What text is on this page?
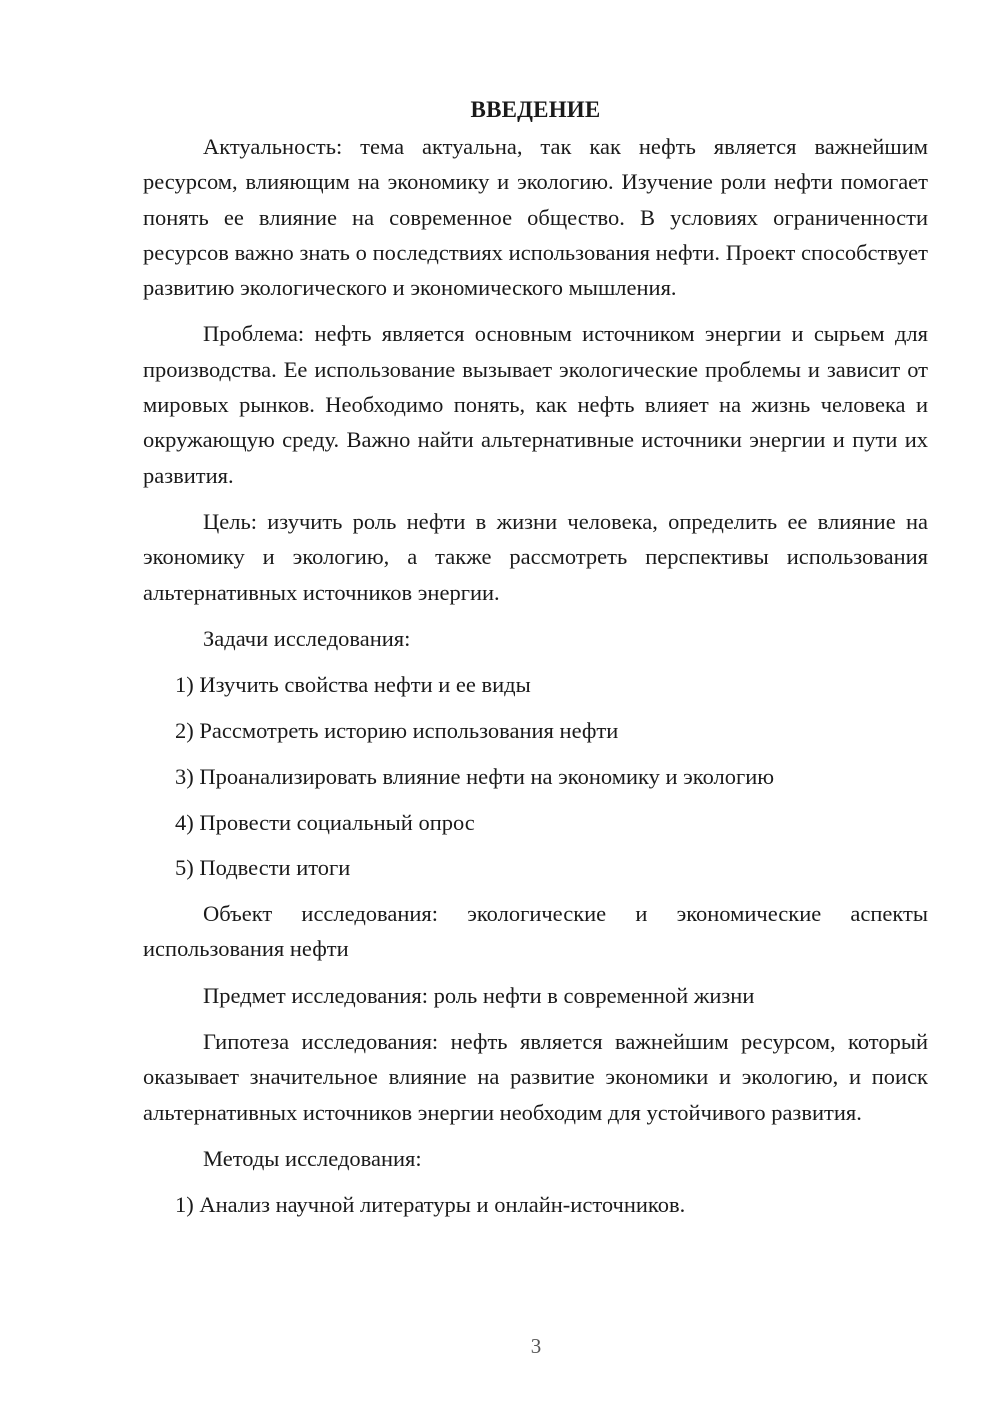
ВВЕДЕНИЕ

Актуальность: тема актуальна, так как нефть является важнейшим ресурсом, влияющим на экономику и экологию. Изучение роли нефти помогает понять ее влияние на современное общество. В условиях ограниченности ресурсов важно знать о последствиях использования нефти. Проект способствует развитию экологического и экономического мышления.

Проблема: нефть является основным источником энергии и сырьем для производства. Ее использование вызывает экологические проблемы и зависит от мировых рынков. Необходимо понять, как нефть влияет на жизнь человека и окружающую среду. Важно найти альтернативные источники энергии и пути их развития.

Цель: изучить роль нефти в жизни человека, определить ее влияние на экономику и экологию, а также рассмотреть перспективы использования альтернативных источников энергии.

Задачи исследования:

1) Изучить свойства нефти и ее виды
2) Рассмотреть историю использования нефти
3) Проанализировать влияние нефти на экономику и экологию
4) Провести социальный опрос
5) Подвести итоги

Объект исследования: экологические и экономические аспекты использования нефти

Предмет исследования: роль нефти в современной жизни

Гипотеза исследования: нефть является важнейшим ресурсом, который оказывает значительное влияние на развитие экономики и экологию, и поиск альтернативных источников энергии необходим для устойчивого развития.

Методы исследования:

1) Анализ научной литературы и онлайн-источников.
3
